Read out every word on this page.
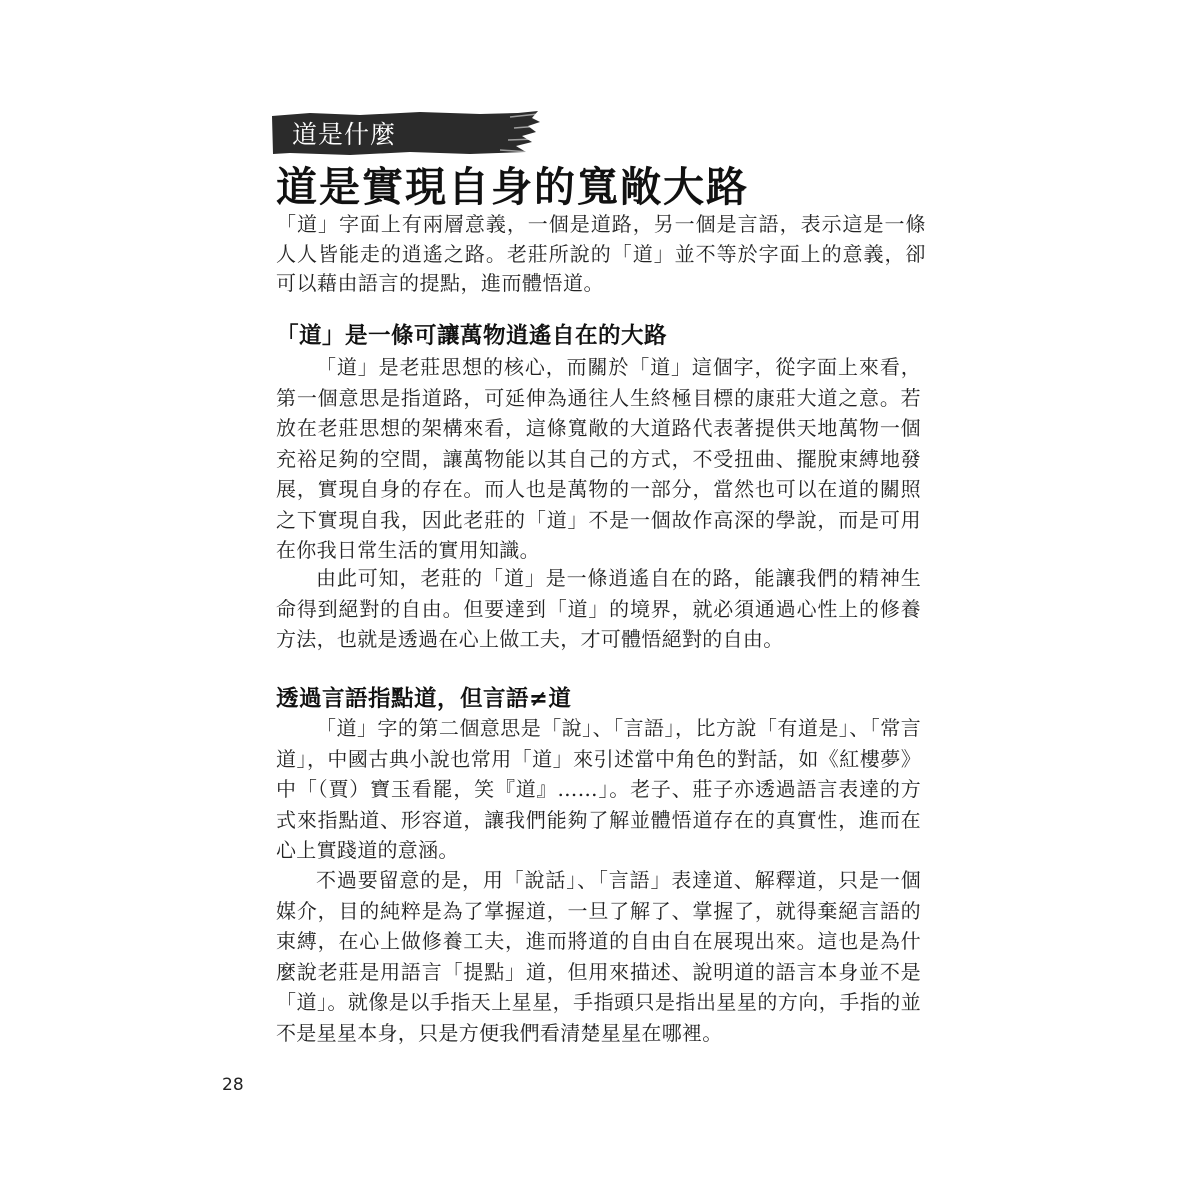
道是什麼
道是實現自身的寬敞大路

「道」字面上有兩層意義，一個是道路，另一個是言語，表示這是一條人人皆能走的逍遙之路。老莊所說的「道」並不等於字面上的意義，卻可以藉由語言的提點，進而體悟道。

「道」是一條可讓萬物逍遙自在的大路

「道」是老莊思想的核心，而關於「道」這個字，從字面上來看，第一個意思是指道路，可延伸為通往人生終極目標的康莊大道之意。若放在老莊思想的架構來看，這條寬敞的大道路代表著提供天地萬物一個充裕足夠的空間，讓萬物能以其自己的方式，不受扭曲、擺脫束縛地發展，實現自身的存在。而人也是萬物的一部分，當然也可以在道的關照之下實現自我，因此老莊的「道」不是一個故作高深的學說，而是可用在你我日常生活的實用知識。

由此可知，老莊的「道」是一條逍遙自在的路，能讓我們的精神生命得到絕對的自由。但要達到「道」的境界，就必須通過心性上的修養方法，也就是透過在心上做工夫，才可體悟絕對的自由。

透過言語指點道，但言語≠道

「道」字的第二個意思是「說」、「言語」，比方說「有道是」、「常言道」，中國古典小說也常用「道」來引述當中角色的對話，如《紅樓夢》中「（賈）寶玉看罷，笑『道』……」。老子、莊子亦透過語言表達的方式來指點道、形容道，讓我們能夠了解並體悟道存在的真實性，進而在心上實踐道的意涵。

不過要留意的是，用「說話」、「言語」表達道、解釋道，只是一個媒介，目的純粹是為了掌握道，一旦了解了、掌握了，就得棄絕言語的束縛，在心上做修養工夫，進而將道的自由自在展現出來。這也是為什麼說老莊是用語言「提點」道，但用來描述、說明道的語言本身並不是「道」。就像是以手指天上星星，手指頭只是指出星星的方向，手指的並不是星星本身，只是方便我們看清楚星星在哪裡。

28
